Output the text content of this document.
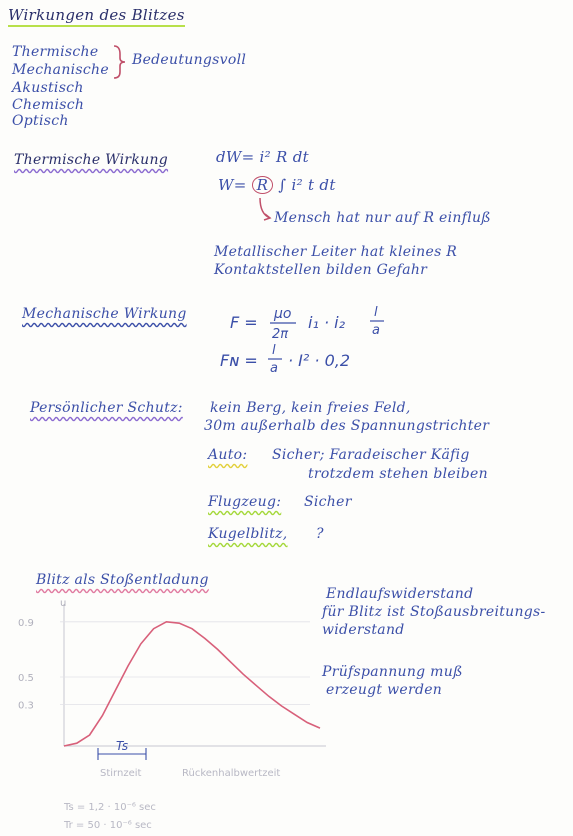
Wirkungen des Blitzes
Thermische
Mechanische
Akustisch
Chemisch
Optisch
Bedeutungsvoll
Thermische Wirkung	dW= i² R dt
W= R ∫ i² t dt
Mensch hat nur auf R einfluß
Metallischer Leiter hat kleines R
Kontaktstellen bilden Gefahr
Mechanische Wirkung	F = μo
2π
i₁ · i₂
l
a
Fɴ =
l
a · I² · 0,2
Persönlicher Schutz: kein Berg, kein freies Feld,
30m außerhalb des Spannungstrichter
Auto: Sicher; Faradeischer Käfig
trotzdem stehen bleiben
Flugzeug: Sicher
Kugelblitz, ?
Blitz als Stoßentladung
Endlaufswiderstand
für Blitz ist Stoßausbreitungs-
widerstand
Prüfspannung muß
erzeugt werden
u
0.3
0.5
0.9
Ts
Stirnzeit	Rückenhalbwertzeit
Ts = 1,2 · 10⁻⁶ sec
Tr = 50 · 10⁻⁶ sec
